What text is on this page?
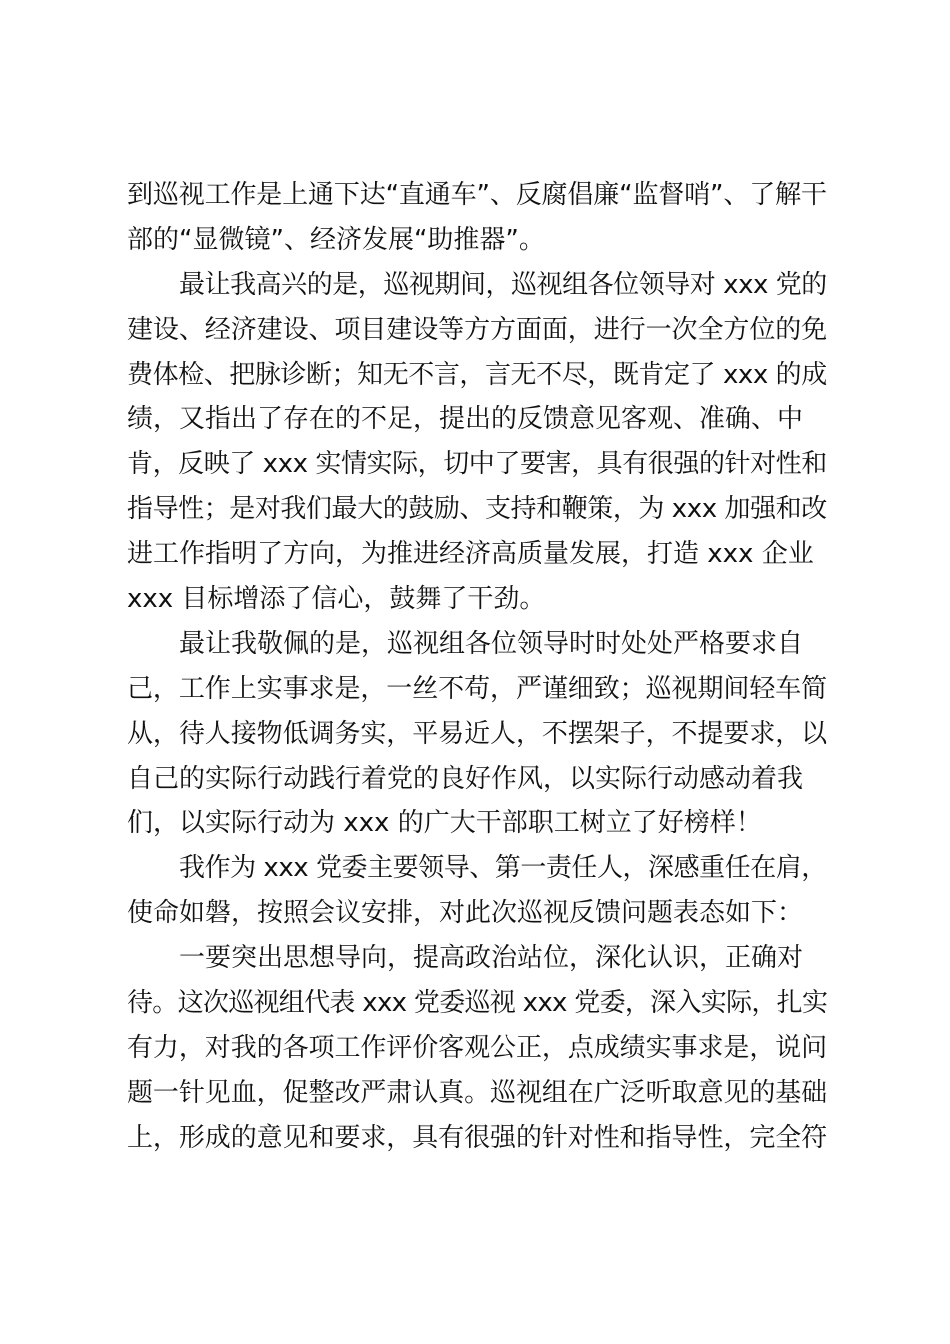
到巡视工作是上通下达“直通车”、反腐倡廉“监督哨”、了解干
部的“显微镜”、经济发展“助推器”。
最让我高兴的是，巡视期间，巡视组各位领导对 xxx 党的
建设、经济建设、项目建设等方方面面，进行一次全方位的免
费体检、把脉诊断；知无不言，言无不尽，既肯定了 xxx 的成
绩，又指出了存在的不足，提出的反馈意见客观、准确、中
肯，反映了 xxx 实情实际，切中了要害，具有很强的针对性和
指导性；是对我们最大的鼓励、支持和鞭策，为 xxx 加强和改
进工作指明了方向，为推进经济高质量发展，打造 xxx 企业
xxx 目标增添了信心，鼓舞了干劲。
最让我敬佩的是，巡视组各位领导时时处处严格要求自
己，工作上实事求是，一丝不苟，严谨细致；巡视期间轻车简
从，待人接物低调务实，平易近人，不摆架子，不提要求，以
自己的实际行动践行着党的良好作风，以实际行动感动着我
们，以实际行动为 xxx 的广大干部职工树立了好榜样！
我作为 xxx 党委主要领导、第一责任人，深感重任在肩，
使命如磐，按照会议安排，对此次巡视反馈问题表态如下：
一要突出思想导向，提高政治站位，深化认识，正确对
待。这次巡视组代表 xxx 党委巡视 xxx 党委，深入实际，扎实
有力，对我的各项工作评价客观公正，点成绩实事求是，说问
题一针见血，促整改严肃认真。巡视组在广泛听取意见的基础
上，形成的意见和要求，具有很强的针对性和指导性，完全符
